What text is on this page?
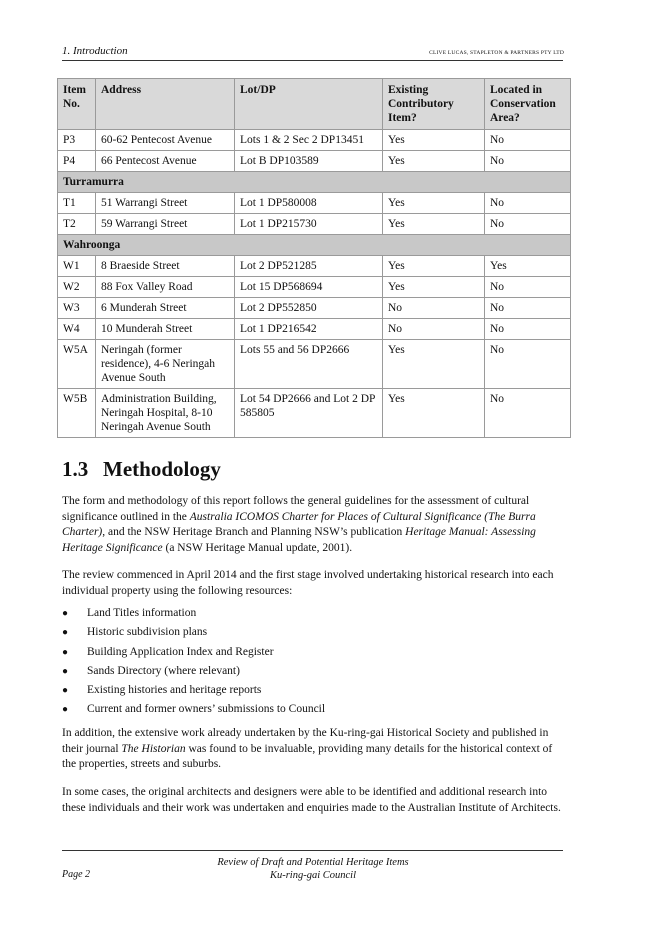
1. Introduction	CLIVE LUCAS, STAPLETON & PARTNERS PTY LTD
Item No.	Address	Lot/DP	Existing Contributory Item?	Located in Conservation Area?
P3	60-62 Pentecost Avenue	Lots 1 & 2 Sec 2 DP13451	Yes	No
P4	66 Pentecost Avenue	Lot B DP103589	Yes	No
Turramurra				
T1	51 Warrangi Street	Lot 1 DP580008	Yes	No
T2	59 Warrangi Street	Lot 1 DP215730	Yes	No
Wahroonga				
W1	8 Braeside Street	Lot 2 DP521285	Yes	Yes
W2	88 Fox Valley Road	Lot 15 DP568694	Yes	No
W3	6 Munderah Street	Lot 2 DP552850	No	No
W4	10 Munderah Street	Lot 1 DP216542	No	No
W5A	Neringah (former residence), 4-6 Neringah Avenue South	Lots 55 and 56 DP2666	Yes	No
W5B	Administration Building, Neringah Hospital, 8-10 Neringah Avenue South	Lot 54 DP2666 and Lot 2 DP 585805	Yes	No
1.3 Methodology
The form and methodology of this report follows the general guidelines for the assessment of cultural significance outlined in the Australia ICOMOS Charter for Places of Cultural Significance (The Burra Charter), and the NSW Heritage Branch and Planning NSW’s publication Heritage Manual: Assessing Heritage Significance (a NSW Heritage Manual update, 2001).
The review commenced in April 2014 and the first stage involved undertaking historical research into each individual property using the following resources:
●	Land Titles information
●	Historic subdivision plans
●	Building Application Index and Register
●	Sands Directory (where relevant)
●	Existing histories and heritage reports
●	Current and former owners’ submissions to Council
In addition, the extensive work already undertaken by the Ku-ring-gai Historical Society and published in their journal The Historian was found to be invaluable, providing many details for the historical context of the properties, streets and suburbs.
In some cases, the original architects and designers were able to be identified and additional research into these individuals and their work was undertaken and enquiries made to the Australian Institute of Architects.
Review of Draft and Potential Heritage Items
Ku-ring-gai Council
Page 2
